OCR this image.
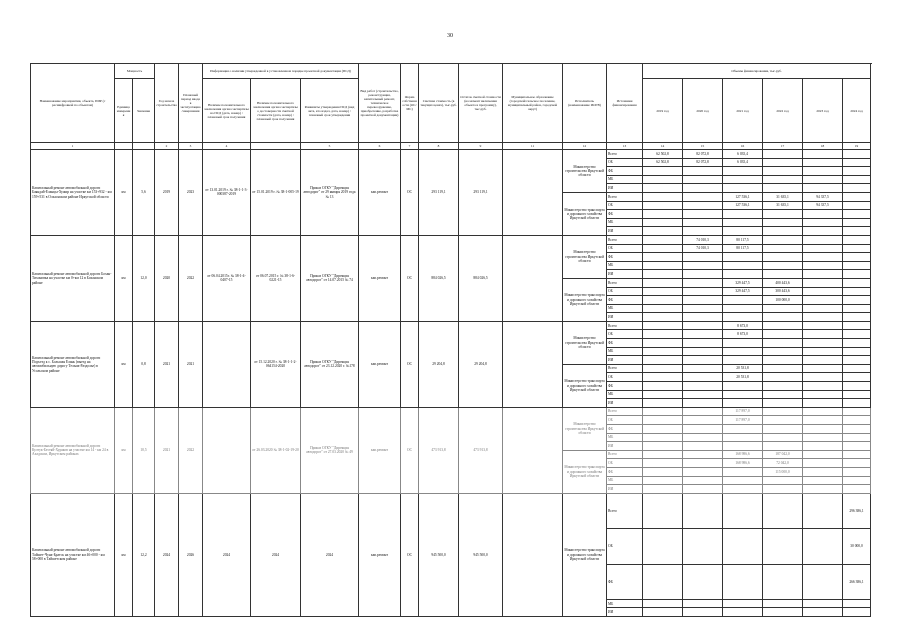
30
Наименование мероприятия, объекта, ПИР (с расшифровкой по объектам)	Мощность		Год начала строительства	Плановый период ввода в эксплуатацию/завершения	Информация о наличии утвержденной в установленном порядке проектной документации (ПСД)			Вид работ (строительство, реконструкция, капитальный ремонт, техническое перевооружение, приобретение, разработка проектной документации)	Форма собственности (ОС/МС)	Сметная стоимость (в текущих ценах), тыс.руб.	Остаток сметной стоимости (на момент включения объекта в программу), тыс.руб.	Муниципальное образование (городской/сельское поселение, муниципальный район, городской округ)	Исполнитель (наименование ИОГВ)	Источники финансирования	Объемы финансирования, тыс.руб.						
	Единица измерения	Значение			Наличие положительного заключения органа экспертизы на ПСД (дата, номер) / плановый срок получения	Наличие положительного заключения органа экспертизы о достоверности сметной стоимости (дата, номер) / плановый срок получения	Реквизиты утверждения ПСД (вид акта, кто издал, дата, номер) / плановый срок утверждения								2019 год	2020 год	2021 год	2022 год	2023 год	2024 год	

1			2	3	4		5	6	7	8	9	11	12	13	14	15	16	17	18	19	
Капитальный ремонт автомобильной дороги Баяндай-Еланцы-Хужир на участке км 153+932 - км 159+531 в Ольхонском районе Иркутской области	км	5,6	2019	2023	от 13.01.2019 г. № 38-1-1-3-000387-2019	от 15.01.2019 г. № 38-1-005-19	Приказ ОГКУ "Дирекция автодорог" от 29 января 2019 года № 13	кап.ремонт	ОС	293 119,1	293 119,1		Министерство строительства Иркутской области	Всего	62 502,8	82 072,8	6 035,4				
														ОБ	62 502,8	82 072,8	6 035,4				
														ФБ							
														МБ							
														ИИ							
													Министерство транспорта и дорожного хозяйства Иркутской области	Всего			127 536,1	31 635,1	94 337,5		
														ОБ			127 536,1	31 635,1	94 337,5		
														ФБ							
														МБ							
														ИИ							
Капитальный ремонт автомобильной дороги Бохан-Тихоновка на участке км 0+км 12 в Боханском районе	км	12,0	2020	2022	от 06.04.2015г. № 38-1-4-0407-15	от 06.07.2015 г. № 38-1-6-0221-15	Приказ ОГКУ "Дирекция автодорог" от 14.07.2015 № 74	кап.ремонт	ОС	884 026,5	884 026,5		Министерство строительства Иркутской области	Всего		74 010,3	80 117,5				
														ОБ		74 010,3	80 117,5				
														ФБ							
														МБ							
														ИИ							
													Министерство транспорта и дорожного хозяйства Иркутской области	Всего			329 447,5	400 443,6			
														ОБ			329 447,5	300 443,6			
														ФБ				100 000,0			
														МБ							
														ИИ							
Капитальный ремонт автомобильной дороги Подъезд к с. Большая Елань (выезд на автомобильную дорогу Тельма-Раздолье) в Усольском районе	км	0,8	2021	2021		от 15.12.2020 г. № 38-1-1-2-064154-2020	Приказ ОГКУ "Дирекция автодорог" от 23.12.2020 г. №178	кап.ремонт	ОС	29 204,8	29 204,8		Министерство строительства Иркутской области	Всего			8 673,0				
														ОБ			8 673,0				
														ФБ							
														МБ							
														ИИ							
													Министерство транспорта и дорожного хозяйства Иркутской области	Всего			20 531,8				
														ОБ			20 531,8				
														ФБ							
														МБ							
														ИИ							
Капитальный ремонт автомобильной дороги Култук-Бестяй-Худяков на участке км 14 - км 24 в Ахадском, Иркутском районах	км	10,5	2021	2022		от 26.03.2020 № 38-1-02-19-20	Приказ ОГКУ "Дирекция автодорог" от 27.03.2020 № 49	кап.ремонт	ОС	473 913,8	473 913,8		Министерство строительства Иркутской области	Всего			117 897,0				
														ОБ			117 897,0				
														ФБ							
														МБ							
														ИИ							
													Министерство транспорта и дорожного хозяйства Иркутской области	Всего			168 986,6	187 042,0			
														ОБ			168 986,6	72 042,0			
														ФБ				115 000,0			
														МБ							
														ИИ							
Капитальный ремонт автомобильной дороги Тайшет-Чуна-Братск на участке км 46+000 - км 58+000 в Тайшетском районе	км	12,2	2024	2026	2024	2024	2024	кап.ремонт	ОС	945 500,0	945 500,0		Министерство транспорта и дорожного хозяйства Иркутской области	Всего						296 386,1	
														ОБ						30 000,0	
														ФБ						266 386,1	
														МБ							
														ИИ							
